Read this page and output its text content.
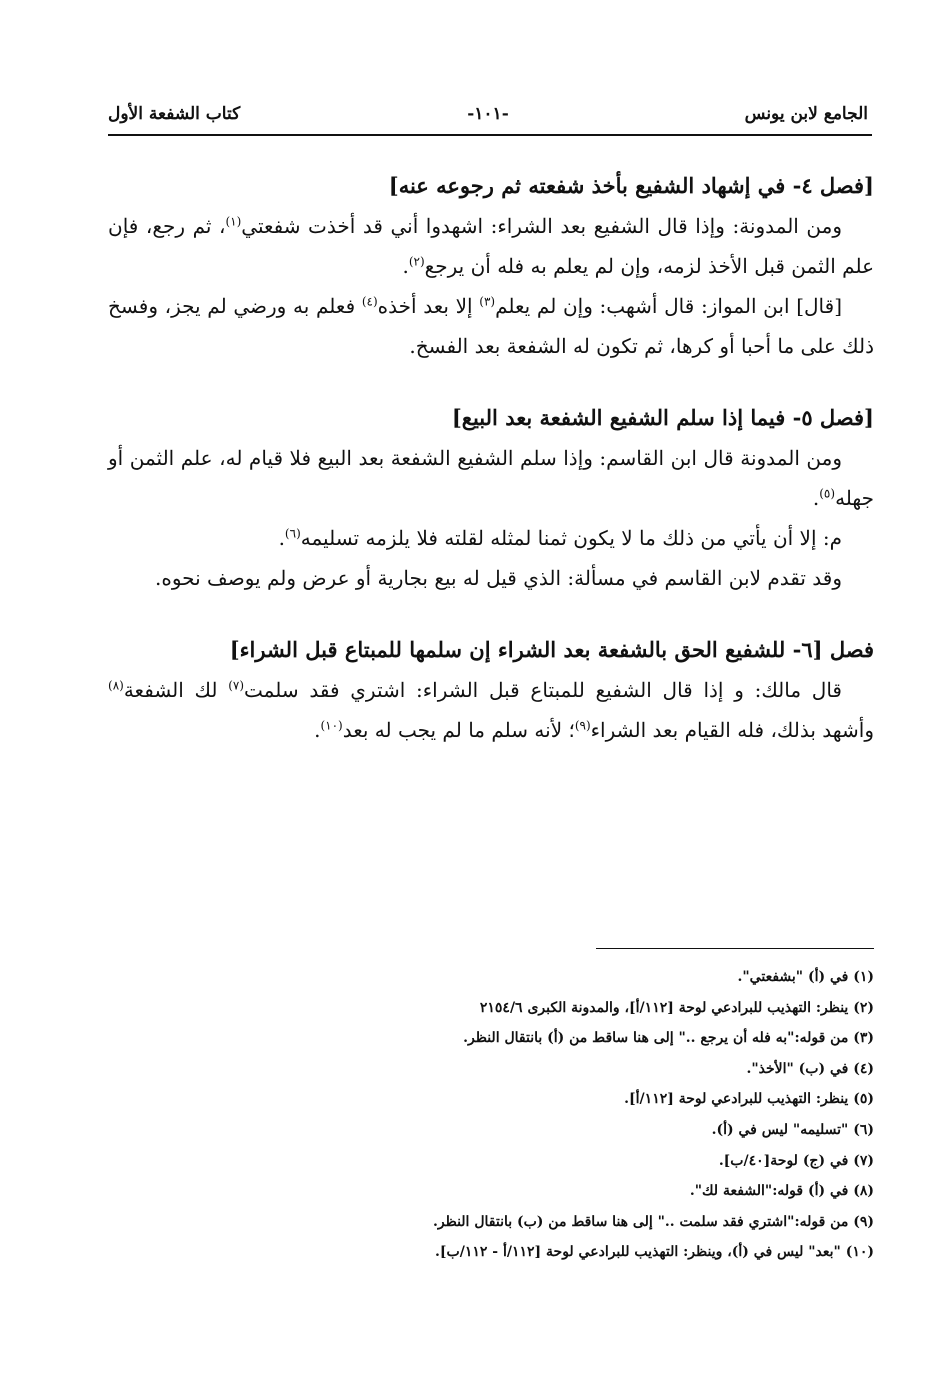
الجامع لابن يونس
-١٠١-
كتاب الشفعة الأول

[فصل ٤- في إشهاد الشفيع بأخذ شفعته ثم رجوعه عنه]

ومن المدونة: وإذا قال الشفيع بعد الشراء: اشهدوا أني قد أخذت شفعتي$^{(١)}$، ثم رجع، فإن علم الثمن قبل الأخذ لزمه، وإن لم يعلم به فله أن يرجع$^{(٢)}$.

[قال] ابن المواز: قال أشهب: وإن لم يعلم$^{(٣)}$ إلا بعد أخذه$^{(٤)}$ فعلم به ورضي لم يجز، وفسخ ذلك على ما أحبا أو كرها، ثم تكون له الشفعة بعد الفسخ.

[فصل ٥- فيما إذا سلم الشفيع الشفعة بعد البيع]

ومن المدونة قال ابن القاسم: وإذا سلم الشفيع الشفعة بعد البيع فلا قيام له، علم الثمن أو جهله$^{(٥)}$.

م: إلا أن يأتي من ذلك ما لا يكون ثمنا لمثله لقلته فلا يلزمه تسليمه$^{(٦)}$.

وقد تقدم لابن القاسم في مسألة: الذي قيل له بيع بجارية أو عرض ولم يوصف نحوه.

فصل [٦- للشفيع الحق بالشفعة بعد الشراء إن سلمها للمبتاع قبل الشراء]

قال مالك: و إذا قال الشفيع للمبتاع قبل الشراء: اشتري فقد سلمت$^{(٧)}$ لك الشفعة$^{(٨)}$ وأشهد بذلك، فله القيام بعد الشراء$^{(٩)}$؛ لأنه سلم ما لم يجب له بعد$^{(١٠)}$.

(١) في (أ) "بشفعتي".

(٢) ينظر: التهذيب للبرادعي لوحة [١١٢/أ]، والمدونة الكبرى ٢١٥٤/٦

(٣) من قوله:"به فله أن يرجع .." إلى هنا ساقط من (أ) بانتقال النظر.

(٤) في (ب) "الأخذ".

(٥) ينظر: التهذيب للبرادعي لوحة [١١٢/أ].

(٦) "تسليمه" ليس في (أ).

(٧) في (ج) لوحة[٤٠/ب].

(٨) في (أ) قوله:"الشفعة لك".

(٩) من قوله:"اشتري فقد سلمت .." إلى هنا ساقط من (ب) بانتقال النظر.

(١٠) "بعد" ليس في (أ)، وينظر: التهذيب للبرادعي لوحة [١١٢/أ - ١١٢/ب].
